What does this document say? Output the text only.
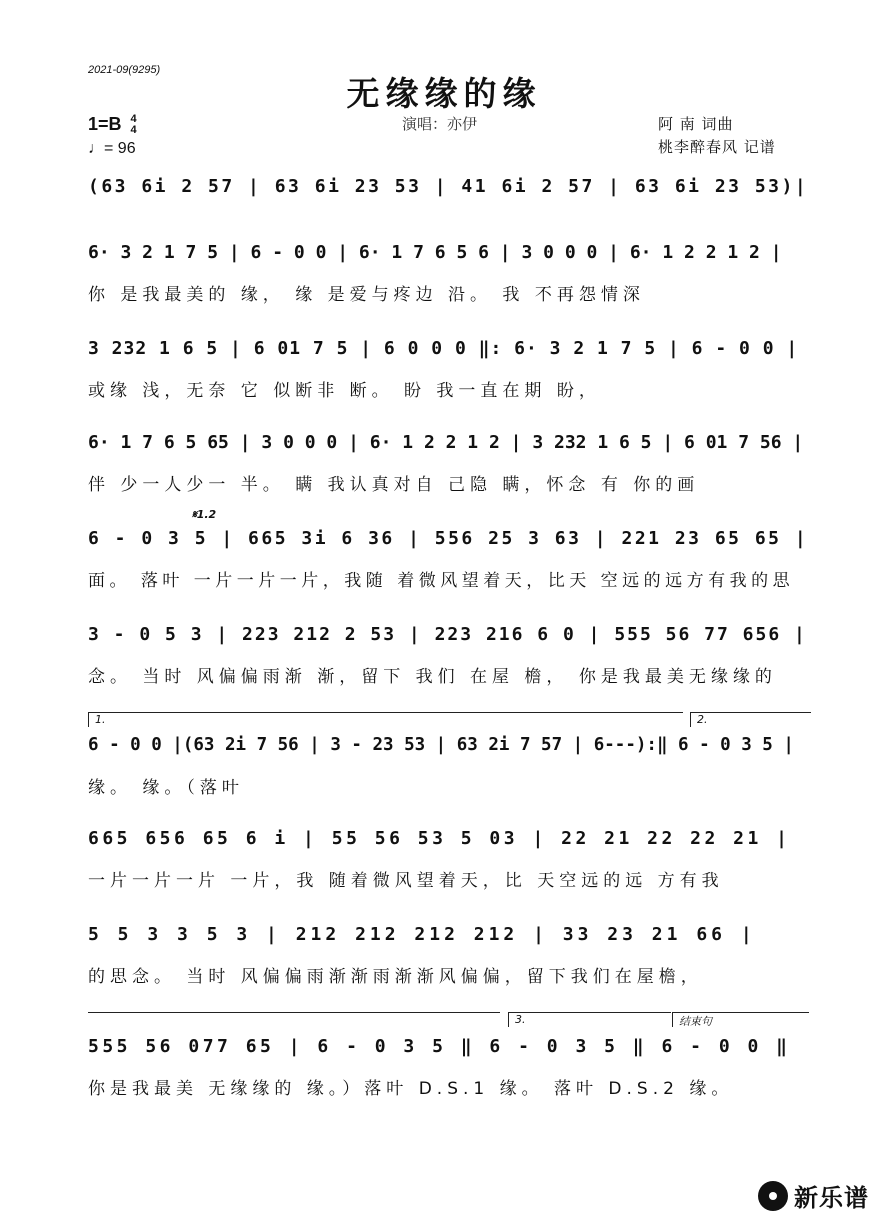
2021-09(9295)
无缘缘的缘
1=B 4
4
♩= 96
演唱：亦伊	阿 南 词曲
桃李醉春风 记谱
(63 6i 2 57 | 63 6i 23 53 | 41 6i 2 57 | 63 6i 23 53)|
6· 3 2 1 7 5 | 6 - 0 0 | 6· 1 7 6 5 6 | 3 0 0 0 | 6· 1 2 2 1 2 |
你 是我最美的 缘， 缘 是爱与疼边 沿。 我 不再怨情深
3 232 1 6 5 | 6 01 7 5 | 6 0 0 0 ‖: 6· 3 2 1 7 5 | 6 - 0 0 |
或缘 浅，无奈 它 似断非 断。 盼 我一直在期 盼，
6· 1 7 6 5 65 | 3 0 0 0 | 6· 1 2 2 1 2 | 3 232 1 6 5 | 6 01 7 56 |
伴 少一人少一 半。 瞒 我认真对自 己隐 瞒，怀念 有 你的画
𝄋1.2
6 - 0 3 5 | 665 3i 6 36 | 556 25 3 63 | 221 23 65 65 |
面。 落叶 一片一片一片，我随 着微风望着天，比天 空远的远方有我的思
3 - 0 5 3 | 223 212 2 53 | 223 216 6 0 | 555 56 77 656 |
念。 当时 风偏偏雨渐 渐，留下 我们 在屋 檐， 你是我最美无缘缘的
1.	2.
6 - 0 0 |(63 2i 7 56 | 3 - 23 53 | 63 2i 7 57 | 6---):‖ 6 - 0 3 5 |
缘。 缘。（落叶
665 656 65 6 i | 55 56 53 5 03 | 22 21 22 22 21 |
一片一片一片 一片，我 随着微风望着天，比 天空远的远 方有我
5 5 3 3 5 3 | 212 212 212 212 | 33 23 21 66 |
的思念。 当时 风偏偏雨渐渐雨渐渐风偏偏，留下我们在屋檐，
3.	结束句
555 56 077 65 | 6 - 0 3 5 ‖ 6 - 0 3 5 ‖ 6 - 0 0 ‖
你是我最美 无缘缘的 缘。）落叶 D.S.1 缘。 落叶 D.S.2 缘。
新乐谱
